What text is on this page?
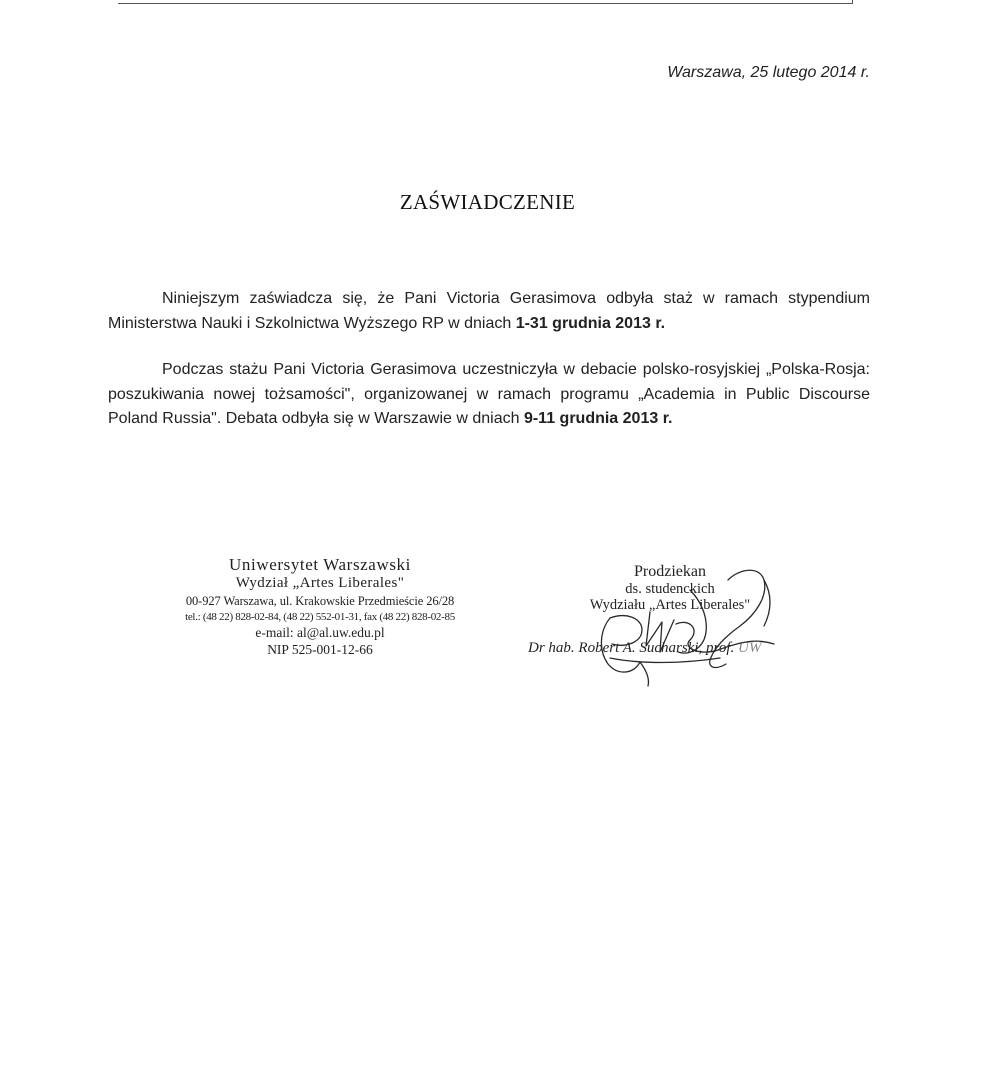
Warszawa, 25 lutego 2014 r.
ZAŚWIADCZENIE
Niniejszym zaświadcza się, że Pani Victoria Gerasimova odbyła staż w ramach stypendium Ministerstwa Nauki i Szkolnictwa Wyższego RP w dniach 1-31 grudnia 2013 r.
Podczas stażu Pani Victoria Gerasimova uczestniczyła w debacie polsko-rosyjskiej „Polska-Rosja: poszukiwania nowej tożsamości", organizowanej w ramach programu „Academia in Public Discourse Poland Russia". Debata odbyła się w Warszawie w dniach 9-11 grudnia 2013 r.
Uniwersytet Warszawski
Wydział „Artes Liberales"
00-927 Warszawa, ul. Krakowskie Przedmieście 26/28
tel.: (48 22) 828-02-84, (48 22) 552-01-31, fax (48 22) 828-02-85
e-mail: al@al.uw.edu.pl
NIP 525-001-12-66
Prodziekan
ds. studenckich
Wydziału „Artes Liberales"
Dr hab. Robert A. Sucharski, prof. UW
